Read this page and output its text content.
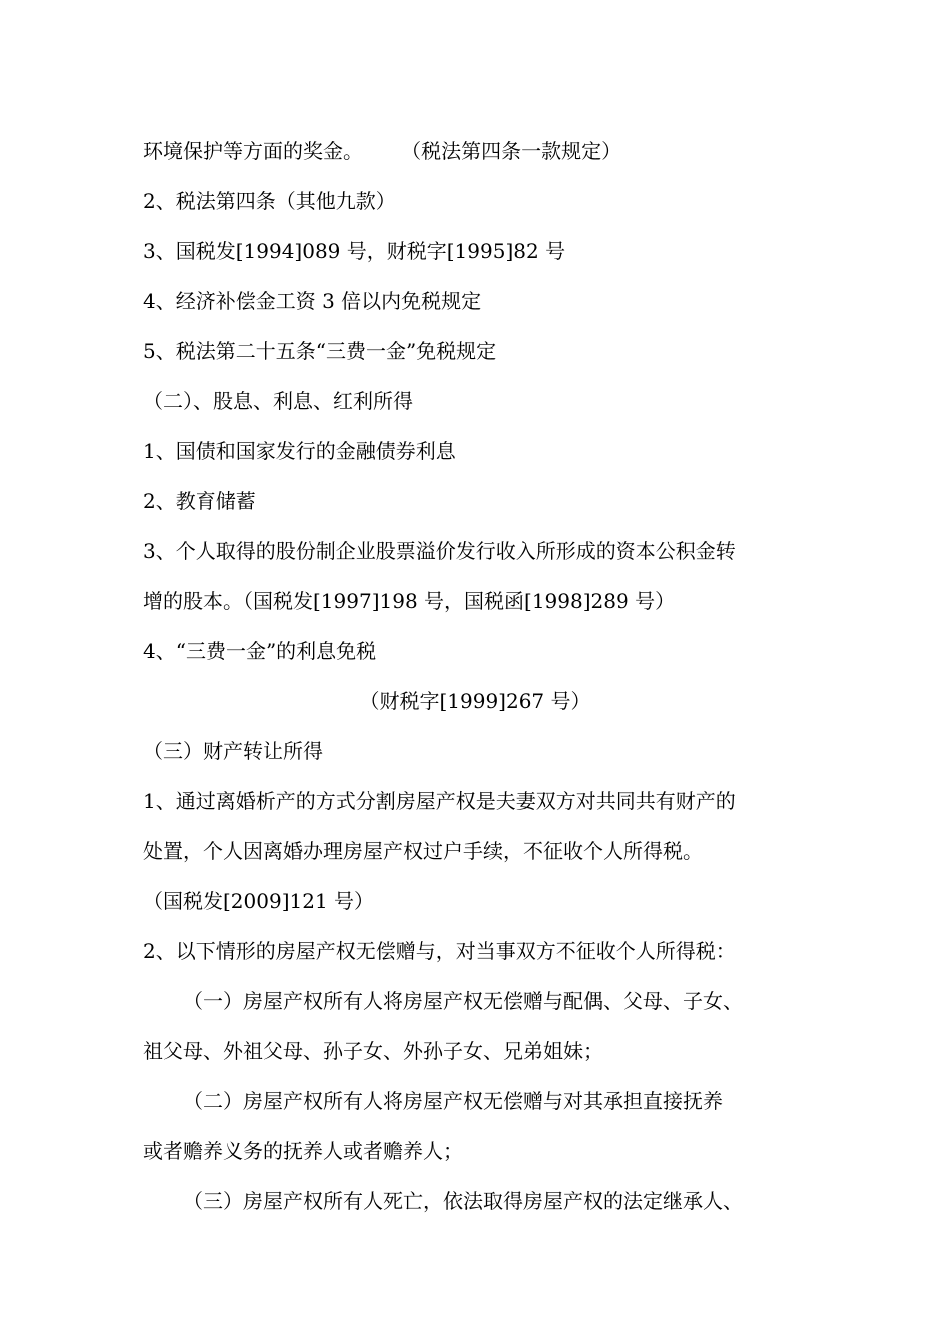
环境保护等方面的奖金。      （税法第四条一款规定）
2、税法第四条（其他九款）
3、国税发[1994]089 号，财税字[1995]82 号
4、经济补偿金工资 3 倍以内免税规定
5、税法第二十五条“三费一金”免税规定
（二）、股息、利息、红利所得
1、国债和国家发行的金融债券利息
2、教育储蓄
3、个人取得的股份制企业股票溢价发行收入所形成的资本公积金转
增的股本。（国税发[1997]198 号，国税函[1998]289 号）
4、“三费一金”的利息免税
（财税字[1999]267 号）
（三）财产转让所得
1、通过离婚析产的方式分割房屋产权是夫妻双方对共同共有财产的
处置，个人因离婚办理房屋产权过户手续，不征收个人所得税。
（国税发[2009]121 号）
2、以下情形的房屋产权无偿赠与，对当事双方不征收个人所得税：
（一）房屋产权所有人将房屋产权无偿赠与配偶、父母、子女、
祖父母、外祖父母、孙子女、外孙子女、兄弟姐妹；
（二）房屋产权所有人将房屋产权无偿赠与对其承担直接抚养
或者赡养义务的抚养人或者赡养人；
（三）房屋产权所有人死亡，依法取得房屋产权的法定继承人、
